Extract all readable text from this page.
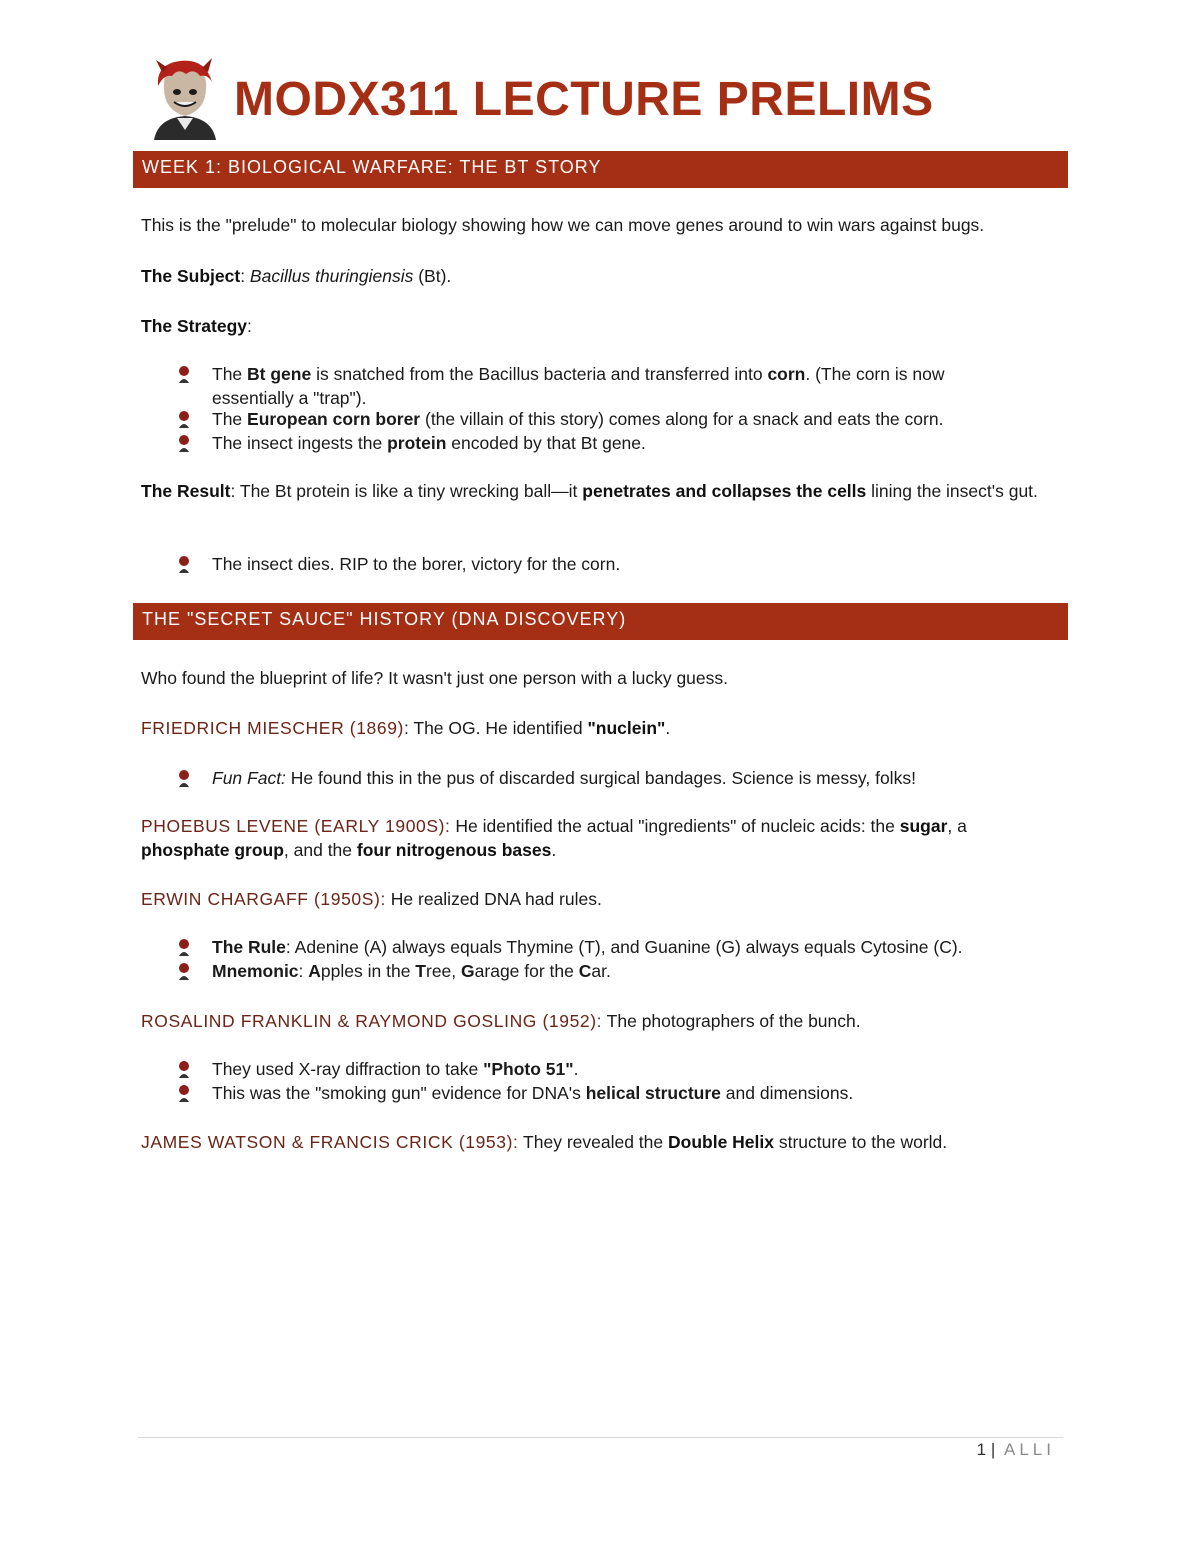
MODX311 LECTURE PRELIMS
WEEK 1: BIOLOGICAL WARFARE: THE BT STORY
This is the "prelude" to molecular biology showing how we can move genes around to win wars against bugs.
The Subject: Bacillus thuringiensis (Bt).
The Strategy:
The Bt gene is snatched from the Bacillus bacteria and transferred into corn. (The corn is now essentially a "trap").
The European corn borer (the villain of this story) comes along for a snack and eats the corn.
The insect ingests the protein encoded by that Bt gene.
The Result: The Bt protein is like a tiny wrecking ball—it penetrates and collapses the cells lining the insect's gut.
The insect dies. RIP to the borer, victory for the corn.
THE "SECRET SAUCE" HISTORY (DNA DISCOVERY)
Who found the blueprint of life? It wasn't just one person with a lucky guess.
FRIEDRICH MIESCHER (1869): The OG. He identified "nuclein".
Fun Fact: He found this in the pus of discarded surgical bandages. Science is messy, folks!
PHOEBUS LEVENE (EARLY 1900S): He identified the actual "ingredients" of nucleic acids: the sugar, a phosphate group, and the four nitrogenous bases.
ERWIN CHARGAFF (1950S): He realized DNA had rules.
The Rule: Adenine (A) always equals Thymine (T), and Guanine (G) always equals Cytosine (C).
Mnemonic: Apples in the Tree, Garage for the Car.
ROSALIND FRANKLIN & RAYMOND GOSLING (1952): The photographers of the bunch.
They used X-ray diffraction to take "Photo 51".
This was the "smoking gun" evidence for DNA's helical structure and dimensions.
JAMES WATSON & FRANCIS CRICK (1953): They revealed the Double Helix structure to the world.
1 | ALLI
